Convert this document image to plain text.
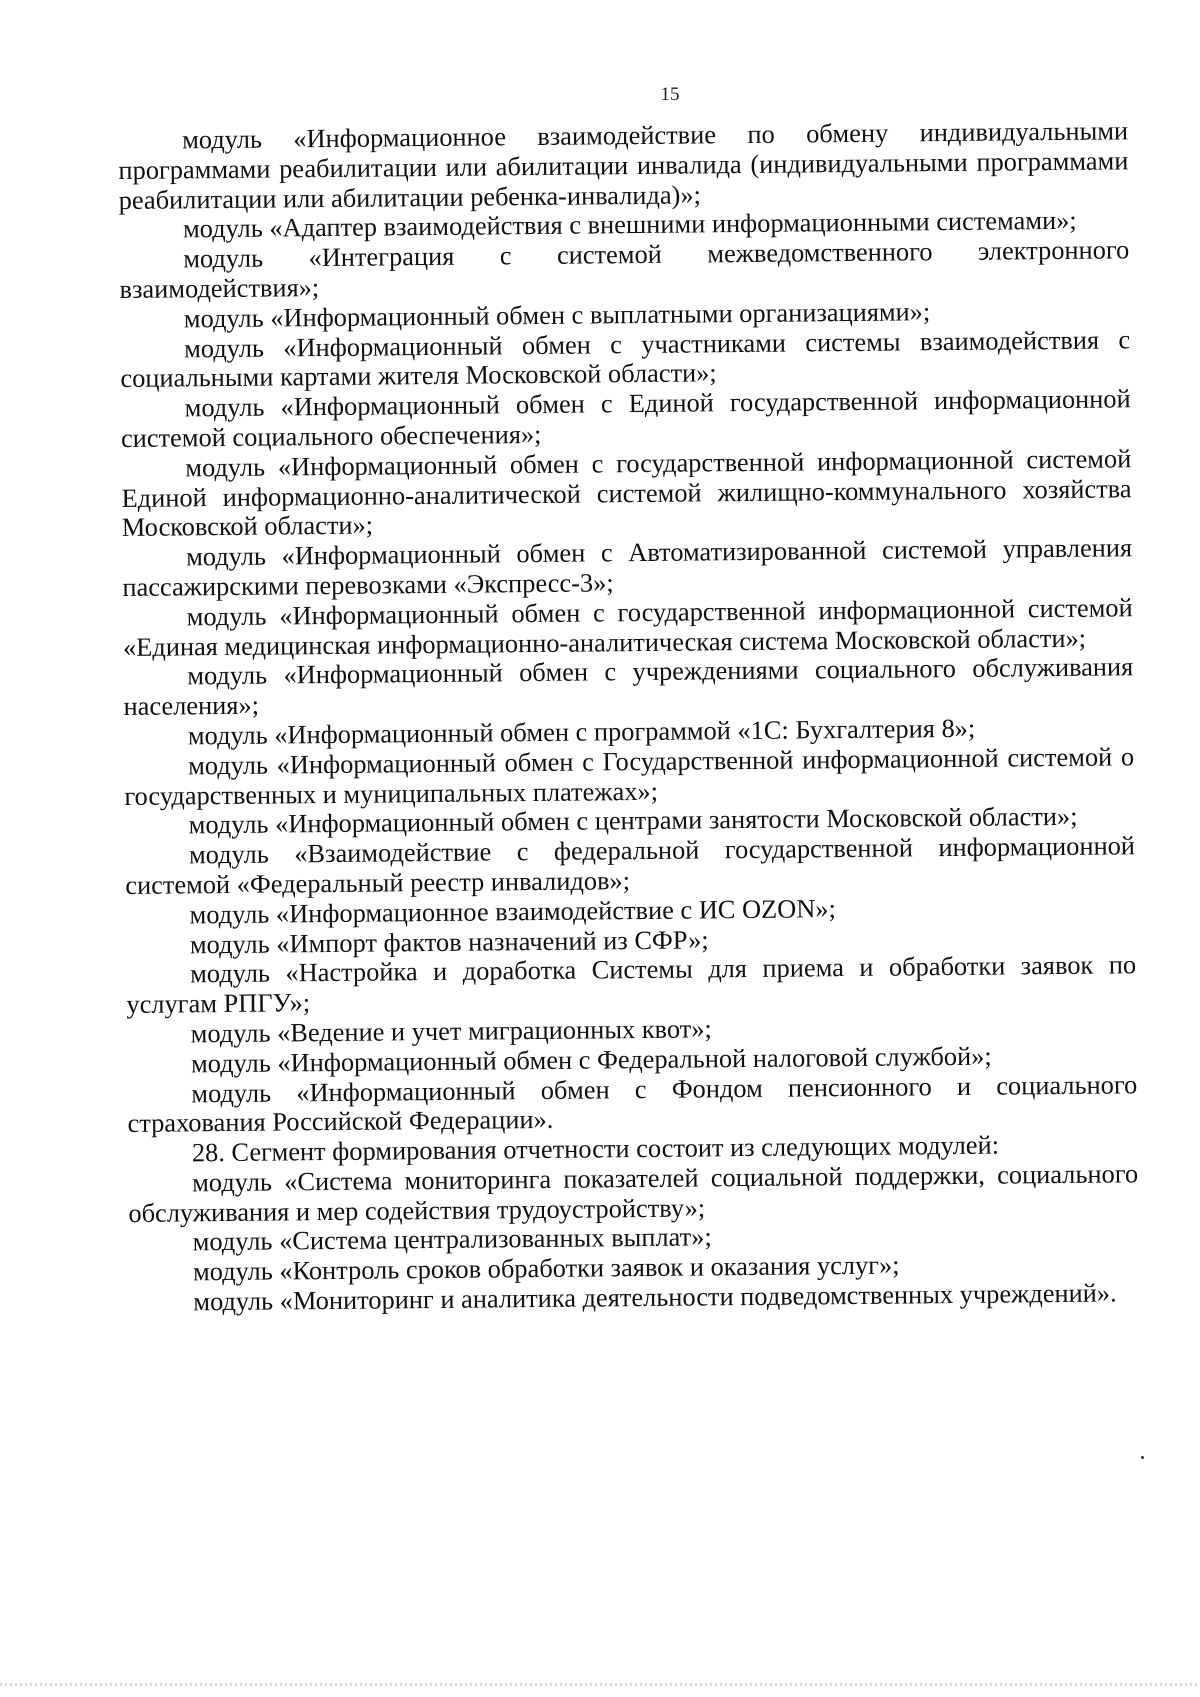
15

модуль «Информационное взаимодействие по обмену индивидуальными программами реабилитации или абилитации инвалида (индивидуальными программами реабилитации или абилитации ребенка-инвалида)»;

модуль «Адаптер взаимодействия с внешними информационными системами»;

модуль «Интеграция с системой межведомственного электронного взаимодействия»;

модуль «Информационный обмен с выплатными организациями»;

модуль «Информационный обмен с участниками системы взаимодействия с социальными картами жителя Московской области»;

модуль «Информационный обмен с Единой государственной информационной системой социального обеспечения»;

модуль «Информационный обмен с государственной информационной системой Единой информационно-аналитической системой жилищно-коммунального хозяйства Московской области»;

модуль «Информационный обмен с Автоматизированной системой управления пассажирскими перевозками «Экспресс-3»;

модуль «Информационный обмен с государственной информационной системой «Единая медицинская информационно-аналитическая система Московской области»;

модуль «Информационный обмен с учреждениями социального обслуживания населения»;

модуль «Информационный обмен с программой «1С: Бухгалтерия 8»;

модуль «Информационный обмен с Государственной информационной системой о государственных и муниципальных платежах»;

модуль «Информационный обмен с центрами занятости Московской области»;

модуль «Взаимодействие с федеральной государственной информационной системой «Федеральный реестр инвалидов»;

модуль «Информационное взаимодействие с ИС OZON»;

модуль «Импорт фактов назначений из СФР»;

модуль «Настройка и доработка Системы для приема и обработки заявок по услугам РПГУ»;

модуль «Ведение и учет миграционных квот»;

модуль «Информационный обмен с Федеральной налоговой службой»;

модуль «Информационный обмен с Фондом пенсионного и социального страхования Российской Федерации».

28. Сегмент формирования отчетности состоит из следующих модулей:

модуль «Система мониторинга показателей социальной поддержки, социального обслуживания и мер содействия трудоустройству»;

модуль «Система централизованных выплат»;

модуль «Контроль сроков обработки заявок и оказания услуг»;

модуль «Мониторинг и аналитика деятельности подведомственных учреждений».
